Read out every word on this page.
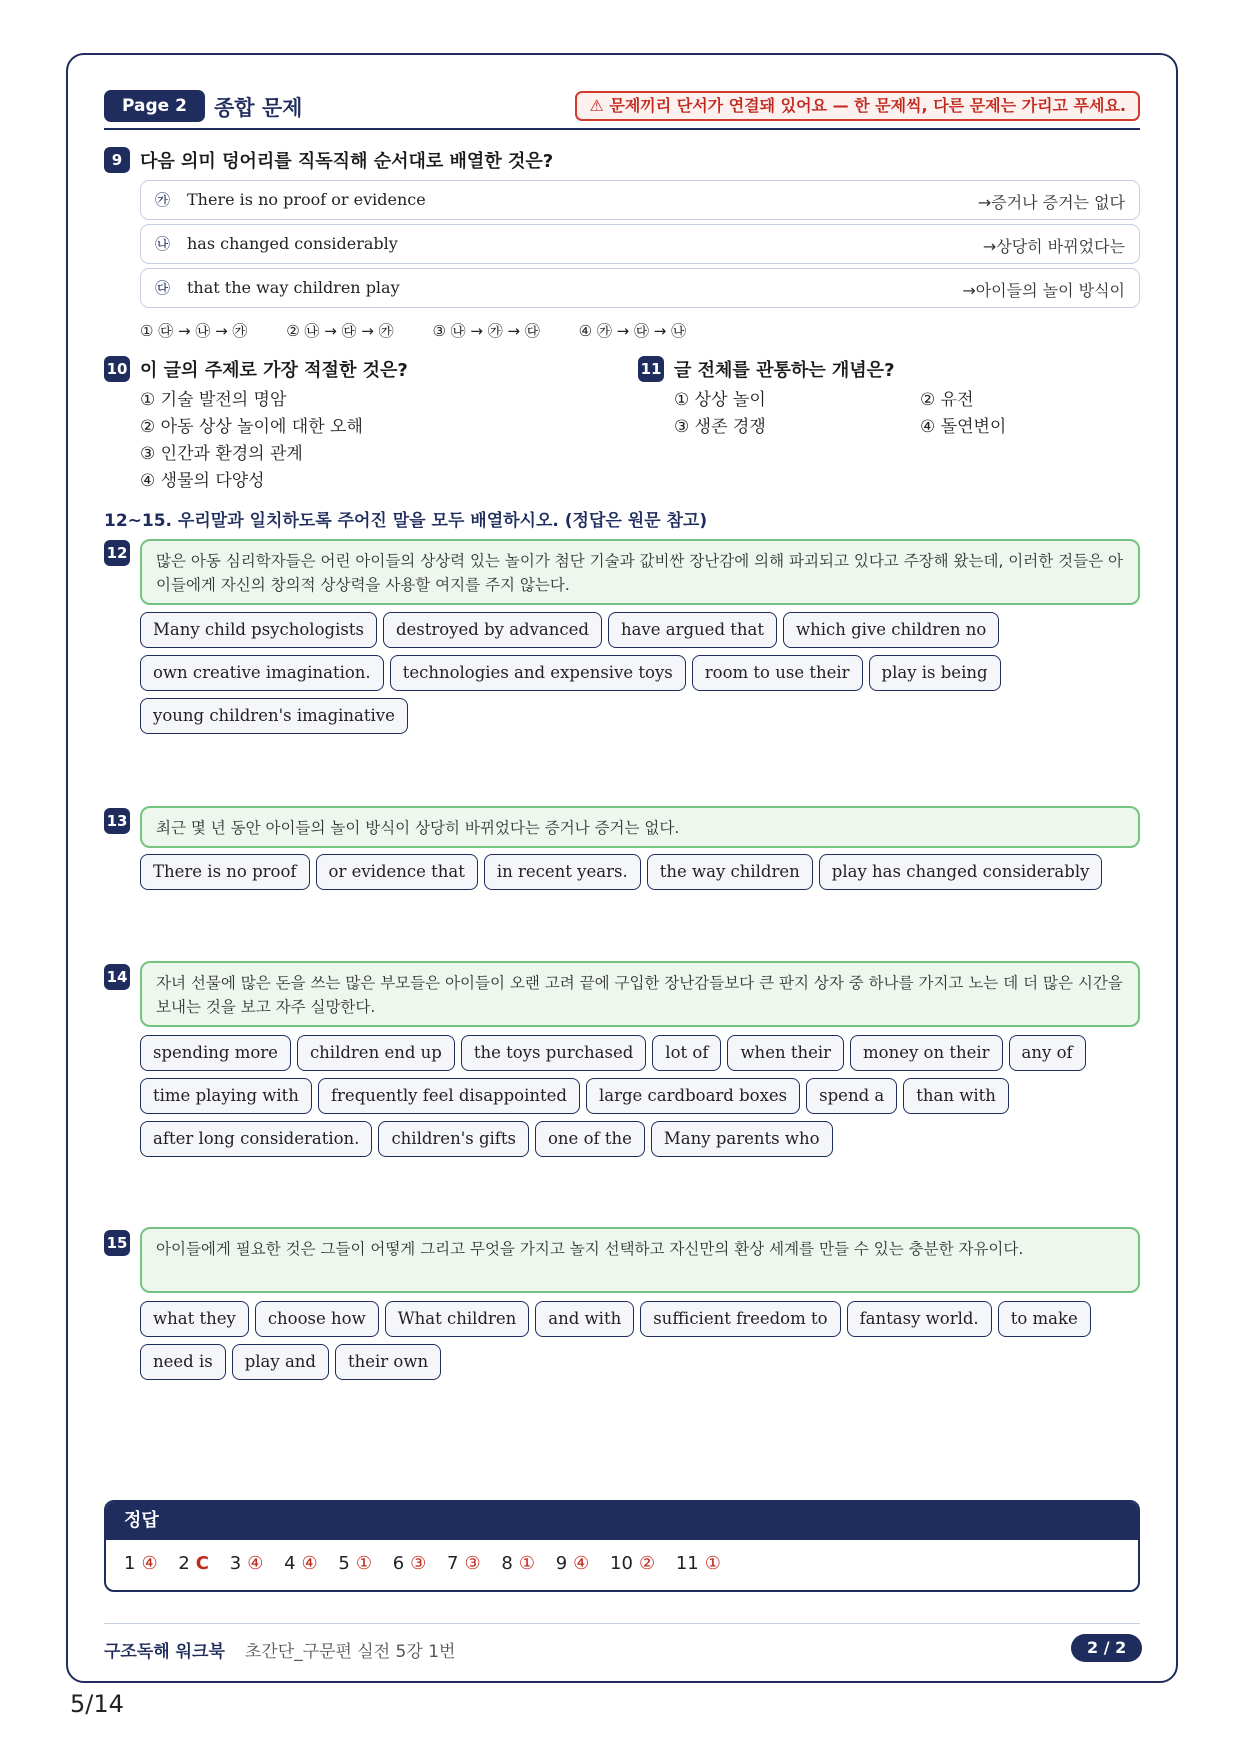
Page 2	종합 문제	⚠ 문제끼리 단서가 연결돼 있어요 — 한 문제씩, 다른 문제는 가리고 푸세요.
9 다음 의미 덩어리를 직독직해 순서대로 배열한 것은?
㉮ There is no proof or evidence	→증거나 증거는 없다
㉯ has changed considerably	→상당히 바뀌었다는
㉰ that the way children play	→아이들의 놀이 방식이
① ㉰ → ㉯ → ㉮	② ㉯ → ㉰ → ㉮	③ ㉯ → ㉮ → ㉰	④ ㉮ → ㉰ → ㉯
10 이 글의 주제로 가장 적절한 것은?
① 기술 발전의 명암
② 아동 상상 놀이에 대한 오해
③ 인간과 환경의 관계
④ 생물의 다양성
11 글 전체를 관통하는 개념은?
① 상상 놀이
③ 생존 경쟁
② 유전
④ 돌연변이
12~15. 우리말과 일치하도록 주어진 말을 모두 배열하시오. (정답은 원문 참고)
12	많은 아동 심리학자들은 어린 아이들의 상상력 있는 놀이가 첨단 기술과 값비싼 장난감에 의해 파괴되고 있다고 주장해 왔는데, 이러한 것들은 아이들에게 자신의 창의적 상상력을 사용할 여지를 주지 않는다.
Many child psychologists	destroyed by advanced	have argued that	which give children no
own creative imagination.	technologies and expensive toys	room to use their	play is being
young children's imaginative
13	최근 몇 년 동안 아이들의 놀이 방식이 상당히 바뀌었다는 증거나 증거는 없다.
There is no proof	or evidence that	in recent years.	the way children	play has changed considerably
14	자녀 선물에 많은 돈을 쓰는 많은 부모들은 아이들이 오랜 고려 끝에 구입한 장난감들보다 큰 판지 상자 중 하나를 가지고 노는 데 더 많은 시간을 보내는 것을 보고 자주 실망한다.
spending more	children end up	the toys purchased	lot of	when their	money on their	any of
time playing with	frequently feel disappointed	large cardboard boxes	spend a	than with
after long consideration.	children's gifts	one of the	Many parents who
15	아이들에게 필요한 것은 그들이 어떻게 그리고 무엇을 가지고 놀지 선택하고 자신만의 환상 세계를 만들 수 있는 충분한 자유이다.
what they	choose how	What children	and with	sufficient freedom to	fantasy world.	to make
need is	play and	their own
정답
1 ④ 2 C 3 ④ 4 ④ 5 ① 6 ③ 7 ③ 8 ① 9 ④ 10 ② 11 ①
구조독해 워크북 초간단_구문편 실전 5강 1번	2 / 2
5/14
